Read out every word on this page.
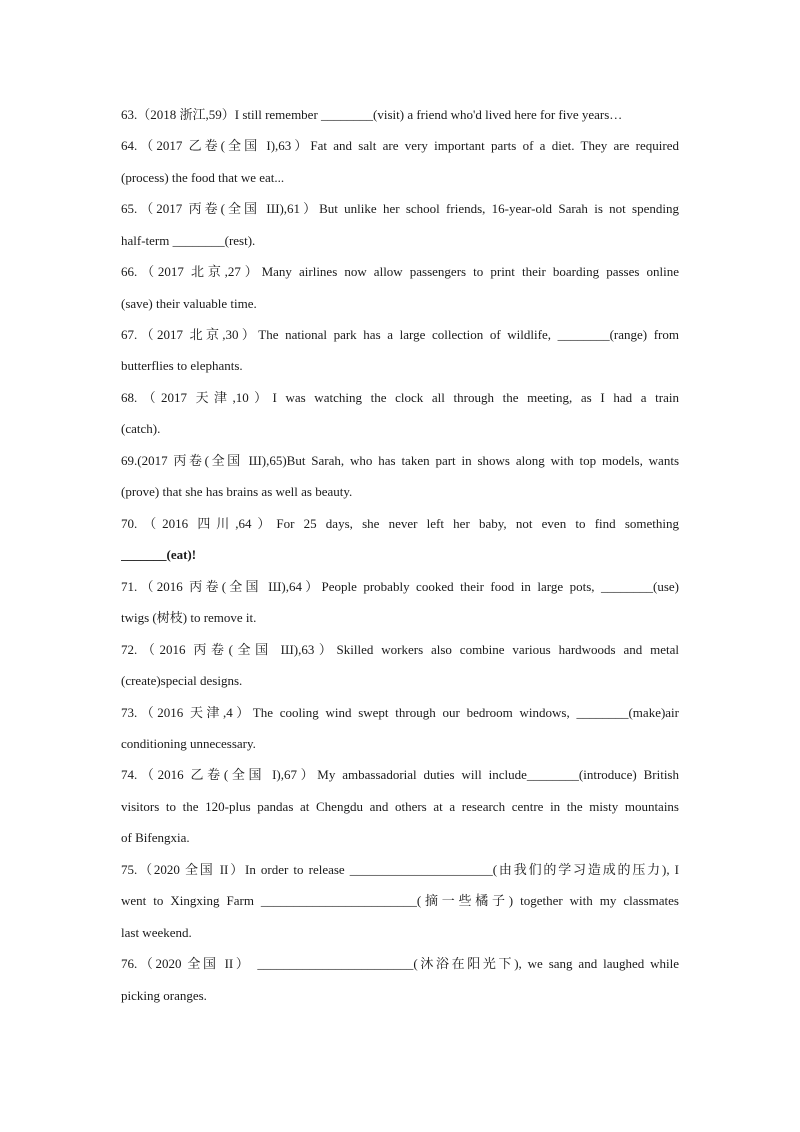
63.（2018 浙江,59）I still remember ________(visit) a friend who'd lived here for five years…
64.（2017 乙卷(全国 I),63）Fat and salt are very important parts of a diet. They are required
(process) the food that we eat...
65.（2017 丙卷(全国 Ш),61）But unlike her school friends, 16-year-old Sarah is not spending
half-term ________(rest).
66.（2017 北京,27）Many airlines now allow passengers to print their boarding passes online
(save) their valuable time.
67.（2017 北京,30）The national park has a large collection of wildlife, ________(range) from
butterflies to elephants.
68.（2017 天津,10）I was watching the clock all through the meeting, as I had a train
(catch).
69.(2017 丙卷(全国 Ш),65)But Sarah, who has taken part in shows along with top models, wants
(prove) that she has brains as well as beauty.
70.（2016 四川,64）For 25 days, she never left her baby, not even to find something
_______(eat)!
71.（2016 丙卷(全国 Ш),64）People probably cooked their food in large pots, ________(use)
twigs (树枝) to remove it.
72.（2016 丙卷(全国 Ш),63）Skilled workers also combine various hardwoods and metal
(create)special designs.
73.（2016 天津,4）The cooling wind swept through our bedroom windows, ________(make)air
conditioning unnecessary.
74.（2016 乙卷(全国 I),67）My ambassadorial duties will include________(introduce) British
visitors to the 120-plus pandas at Chengdu and others at a research centre in the misty mountains
of Bifengxia.
75.（2020 全国 II）In order to release ______________________(由我们的学习造成的压力), I
went to Xingxing Farm ________________________(摘一些橘子) together with my classmates
last weekend.
76.（2020 全国 II） ________________________(沐浴在阳光下), we sang and laughed while
picking oranges.
